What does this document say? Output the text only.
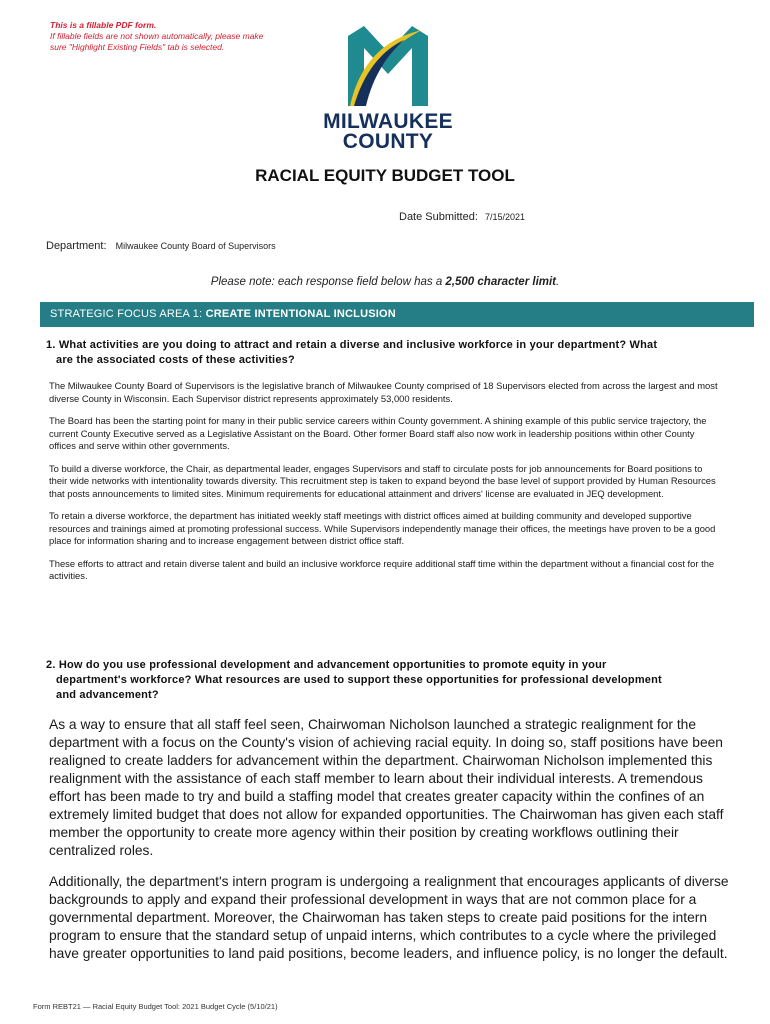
This is a fillable PDF form.
If fillable fields are not shown automatically, please make sure "Highlight Existing Fields" tab is selected.
MILWAUKEE
COUNTY
RACIAL EQUITY BUDGET TOOL
Date Submitted: 7/15/2021
Department: Milwaukee County Board of Supervisors
Please note: each response field below has a 2,500 character limit.
STRATEGIC FOCUS AREA 1: CREATE INTENTIONAL INCLUSION
1. What activities are you doing to attract and retain a diverse and inclusive workforce in your department? What
are the associated costs of these activities?

The Milwaukee County Board of Supervisors is the legislative branch of Milwaukee County comprised of 18 Supervisors elected from across the largest and most diverse County in Wisconsin. Each Supervisor district represents approximately 53,000 residents.

The Board has been the starting point for many in their public service careers within County government. A shining example of this public service trajectory, the current County Executive served as a Legislative Assistant on the Board. Other former Board staff also now work in leadership positions within other County offices and serve within other governments.

To build a diverse workforce, the Chair, as departmental leader, engages Supervisors and staff to circulate posts for job announcements for Board positions to their wide networks with intentionality towards diversity. This recruitment step is taken to expand beyond the base level of support provided by Human Resources that posts announcements to limited sites. Minimum requirements for educational attainment and drivers' license are evaluated in JEQ development.

To retain a diverse workforce, the department has initiated weekly staff meetings with district offices aimed at building community and developed supportive resources and trainings aimed at promoting professional success. While Supervisors independently manage their offices, the meetings have proven to be a good place for information sharing and to increase engagement between district office staff.

These efforts to attract and retain diverse talent and build an inclusive workforce require additional staff time within the department without a financial cost for the activities.

2. How do you use professional development and advancement opportunities to promote equity in your
department's workforce? What resources are used to support these opportunities for professional development
and advancement?

As a way to ensure that all staff feel seen, Chairwoman Nicholson launched a strategic realignment for the department with a focus on the County's vision of achieving racial equity. In doing so, staff positions have been realigned to create ladders for advancement within the department. Chairwoman Nicholson implemented this realignment with the assistance of each staff member to learn about their individual interests. A tremendous effort has been made to try and build a staffing model that creates greater capacity within the confines of an extremely limited budget that does not allow for expanded opportunities. The Chairwoman has given each staff member the opportunity to create more agency within their position by creating workflows outlining their centralized roles.

Additionally, the department's intern program is undergoing a realignment that encourages applicants of diverse backgrounds to apply and expand their professional development in ways that are not common place for a governmental department. Moreover, the Chairwoman has taken steps to create paid positions for the intern program to ensure that the standard setup of unpaid interns, which contributes to a cycle where the privileged have greater opportunities to land paid positions, become leaders, and influence policy, is no longer the default.

Form REBT21 — Racial Equity Budget Tool: 2021 Budget Cycle (5/10/21)
